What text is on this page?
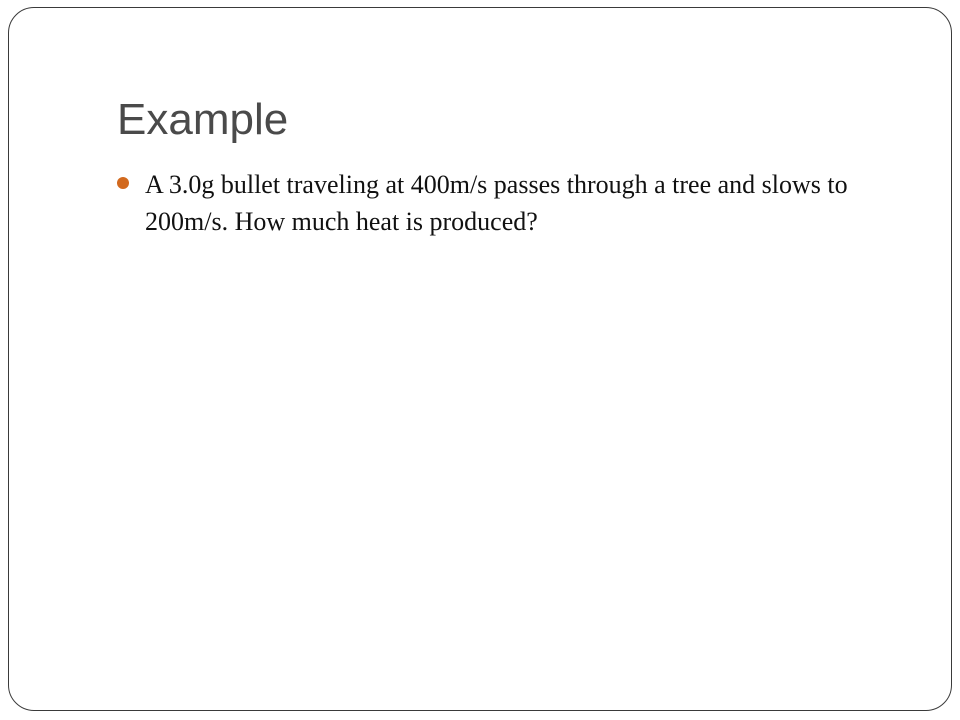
Example
A 3.0g bullet traveling at 400m/s passes through a tree and slows to 200m/s. How much heat is produced?
